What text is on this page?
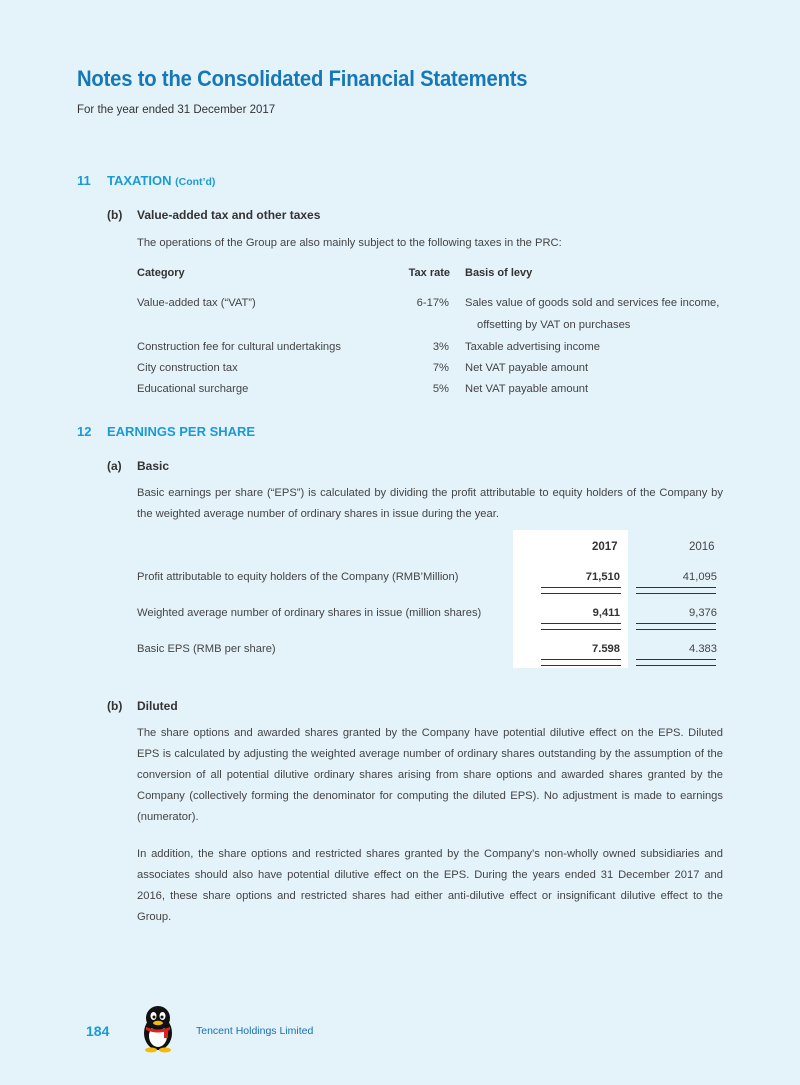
Notes to the Consolidated Financial Statements
For the year ended 31 December 2017
11 TAXATION (Cont’d)
(b) Value-added tax and other taxes
The operations of the Group are also mainly subject to the following taxes in the PRC:
Category	Tax rate Basis of levy
Value-added tax (“VAT”)	6-17% Sales value of goods sold and services fee income,
offsetting by VAT on purchases
Construction fee for cultural undertakings	3% Taxable advertising income
City construction tax	7% Net VAT payable amount
Educational surcharge	5% Net VAT payable amount
12 EARNINGS PER SHARE
(a) Basic
Basic earnings per share (“EPS”) is calculated by dividing the profit attributable to equity holders of the Company by the weighted average number of ordinary shares in issue during the year.
2017	2016
Profit attributable to equity holders of the Company (RMB’Million)	71,510	41,095
Weighted average number of ordinary shares in issue (million shares)	9,411	9,376
Basic EPS (RMB per share)	7.598	4.383
(b) Diluted
The share options and awarded shares granted by the Company have potential dilutive effect on the EPS. Diluted EPS is calculated by adjusting the weighted average number of ordinary shares outstanding by the assumption of the conversion of all potential dilutive ordinary shares arising from share options and awarded shares granted by the Company (collectively forming the denominator for computing the diluted EPS). No adjustment is made to earnings (numerator).
In addition, the share options and restricted shares granted by the Company’s non-wholly owned subsidiaries and associates should also have potential dilutive effect on the EPS. During the years ended 31 December 2017 and 2016, these share options and restricted shares had either anti-dilutive effect or insignificant dilutive effect to the Group.
184	Tencent Holdings Limited
